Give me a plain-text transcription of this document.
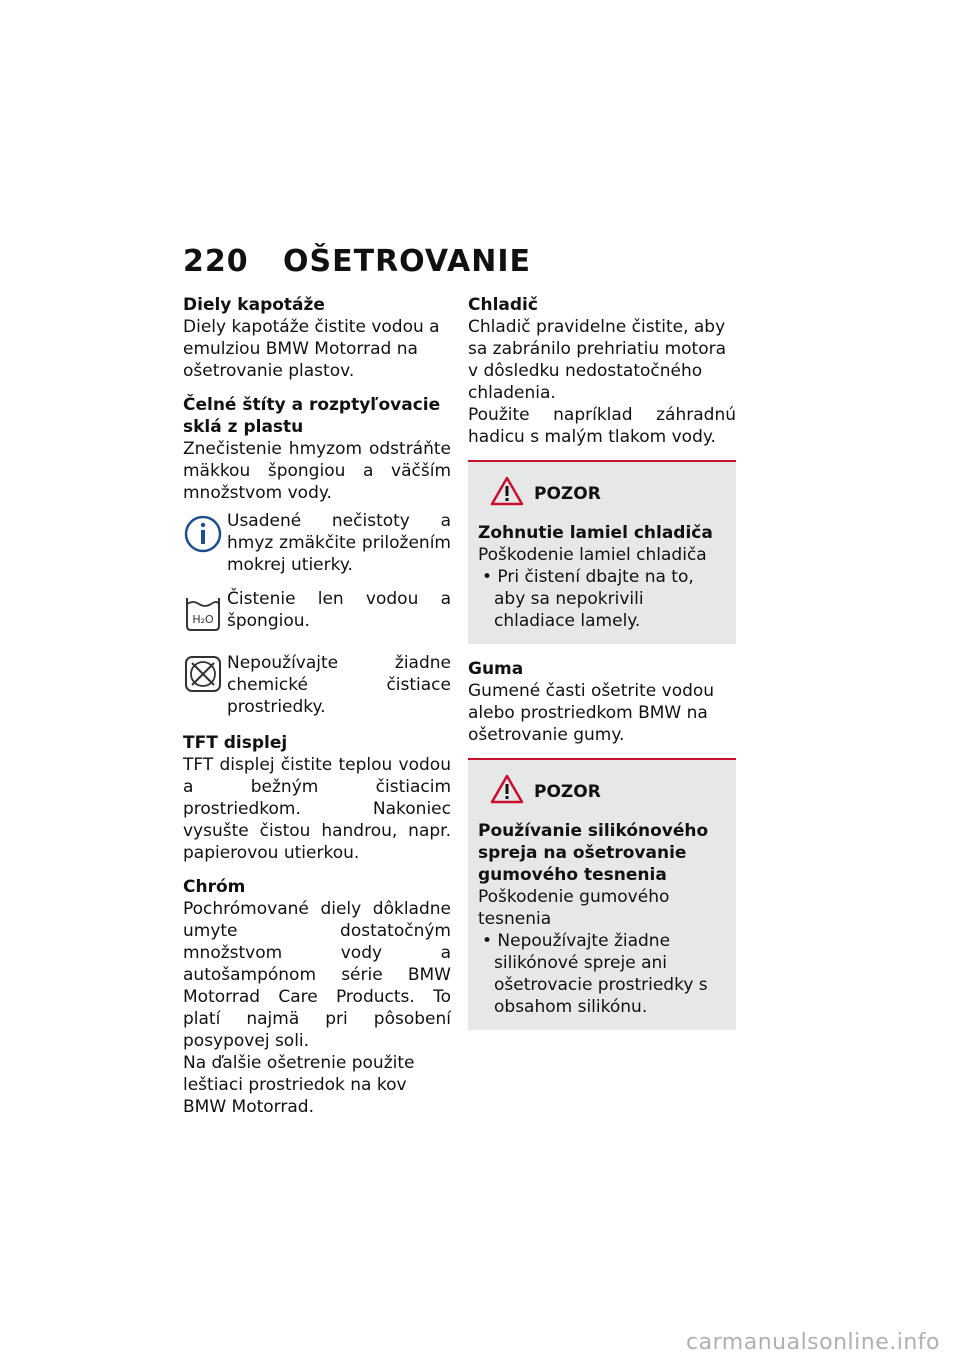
220 OŠETROVANIE
Diely kapotáže
Diely kapotáže čistite vodou a emulziou BMW Motorrad na ošetrovanie plastov.
Čelné štíty a rozptyľovacie sklá z plastu
Znečistenie hmyzom odstráňte mäkkou špongiou a väčším množstvom vody.
Usadené nečistoty a hmyz zmäkčite priložením mokrej utierky.
H₂O
Čistenie len vodou a špongiou.
Nepoužívajte žiadne chemické čistiace prostriedky.
TFT displej
TFT displej čistite teplou vodou a bežným čistiacim prostriedkom. Nakoniec vysušte čistou handrou, napr. papierovou utierkou.
Chróm
Pochrómované diely dôkladne umyte dostatočným množstvom vody a autošampónom série BMW Motorrad Care Products. To platí najmä pri pôsobení posypovej soli.
Na ďalšie ošetrenie použite leštiaci prostriedok na kov BMW Motorrad.
Chladič
Chladič pravidelne čistite, aby sa zabránilo prehriatiu motora v dôsledku nedostatočného chladenia.
Použite napríklad záhradnú hadicu s malým tlakom vody.
POZOR
Zohnutie lamiel chladiča
Poškodenie lamiel chladiča
• Pri čistení dbajte na to, aby sa nepokrivili chladiace lamely.
Guma
Gumené časti ošetrite vodou alebo prostriedkom BMW na ošetrovanie gumy.
POZOR
Používanie silikónového spreja na ošetrovanie gumového tesnenia
Poškodenie gumového tesnenia
• Nepoužívajte žiadne silikónové spreje ani ošetrovacie prostriedky s obsahom silikónu.
carmanualsonline.info
